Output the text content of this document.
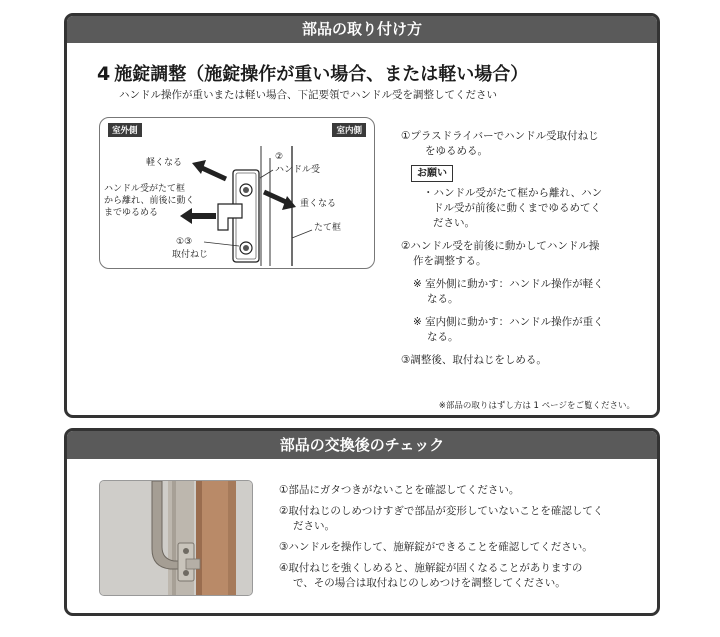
部品の取り付け方
4 施錠調整（施錠操作が重い場合、または軽い場合）
ハンドル操作が重いまたは軽い場合、下記要領でハンドル受を調整してください
室外側	室内側
軽くなる
ハンドル受がたて框
から離れ、前後に動く
までゆるめる
①③
取付ねじ
②
ハンドル受
重くなる
たて框

①プラスドライバーでハンドル受取付ねじ
をゆるめる。

お願い

・ハンドル受がたて框から離れ、ハン
ドル受が前後に動くまでゆるめてく
ださい。

②ハンドル受を前後に動かしてハンドル操
作を調整する。

※ 室外側に動かす：ハンドル操作が軽く
なる。

※ 室内側に動かす：ハンドル操作が重く
なる。

③調整後、取付ねじをしめる。

※部品の取りはずし方は 1 ページをご覧ください。
部品の交換後のチェック

①部品にガタつきがないことを確認してください。

②取付ねじのしめつけすぎで部品が変形していないことを確認してく
ださい。

③ハンドルを操作して、施解錠ができることを確認してください。

④取付ねじを強くしめると、施解錠が固くなることがありますの
で、その場合は取付ねじのしめつけを調整してください。
